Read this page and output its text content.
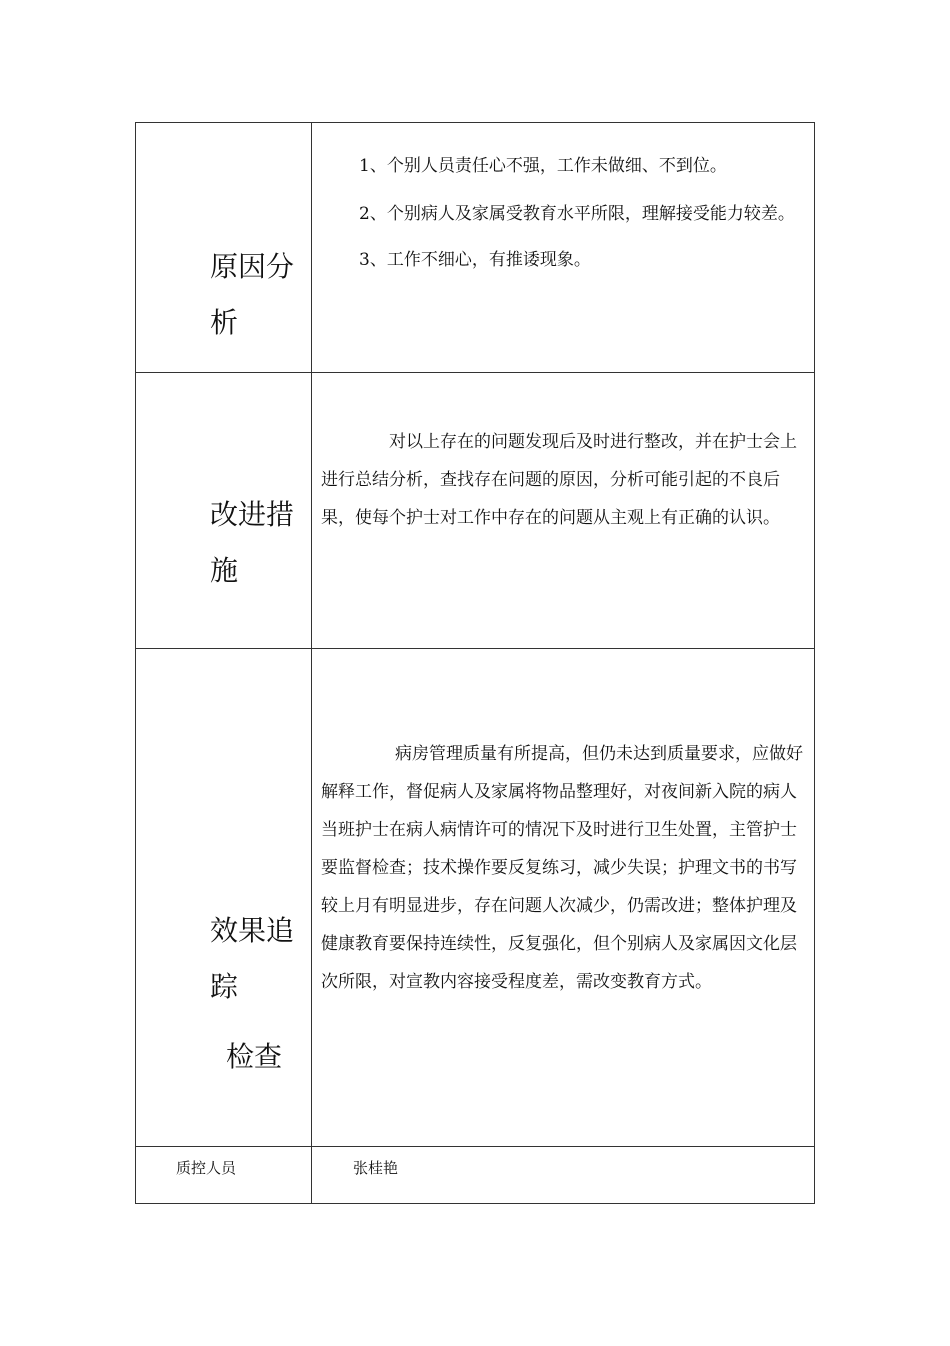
原因分析

1、个别人员责任心不强，工作未做细、不到位。

2、个别病人及家属受教育水平所限，理解接受能力较差。

3、工作不细心，有推诿现象。

改进措施

对以上存在的问题发现后及时进行整改，并在护士会上进行总结分析，查找存在问题的原因，分析可能引起的不良后果，使每个护士对工作中存在的问题从主观上有正确的认识。

效果追踪
检查

病房管理质量有所提高，但仍未达到质量要求，应做好解释工作，督促病人及家属将物品整理好，对夜间新入院的病人当班护士在病人病情许可的情况下及时进行卫生处置，主管护士要监督检查；技术操作要反复练习，减少失误；护理文书的书写较上月有明显进步，存在问题人次减少，仍需改进；整体护理及健康教育要保持连续性，反复强化，但个别病人及家属因文化层次所限，对宣教内容接受程度差，需改变教育方式。

质控人员	张桂艳
